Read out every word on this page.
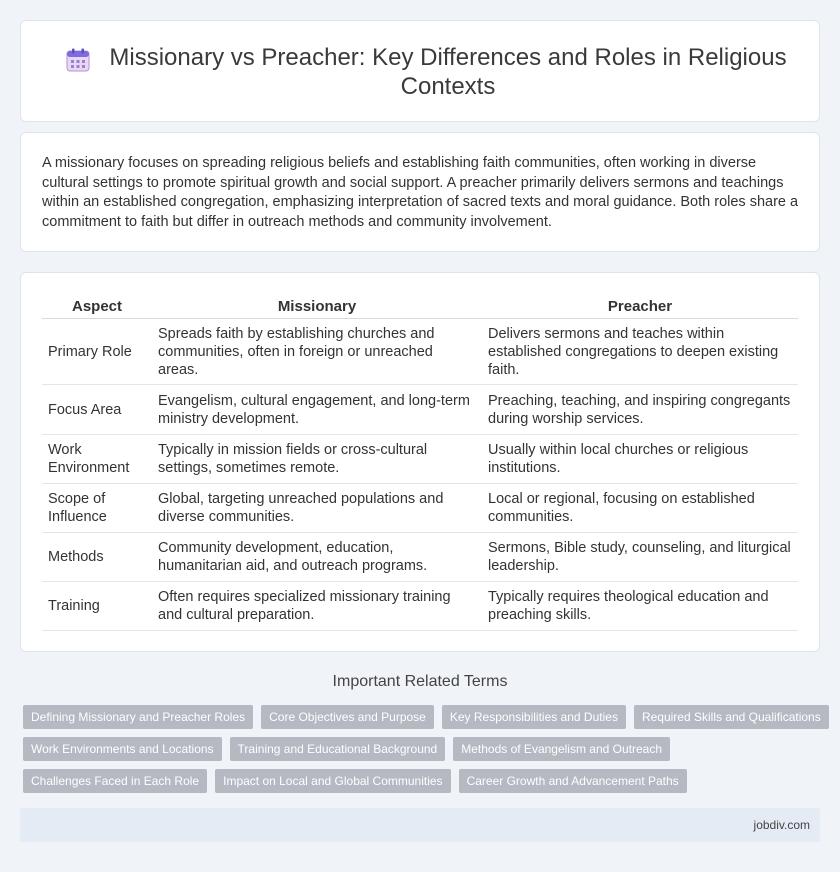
Missionary vs Preacher: Key Differences and Roles in Religious Contexts

A missionary focuses on spreading religious beliefs and establishing faith communities, often working in diverse cultural settings to promote spiritual growth and social support. A preacher primarily delivers sermons and teachings within an established congregation, emphasizing interpretation of sacred texts and moral guidance. Both roles share a commitment to faith but differ in outreach methods and community involvement.

Aspect	Missionary	Preacher
Primary Role	Spreads faith by establishing churches and communities, often in foreign or unreached areas.	Delivers sermons and teaches within established congregations to deepen existing faith.
Focus Area	Evangelism, cultural engagement, and long-term ministry development.	Preaching, teaching, and inspiring congregants during worship services.
Work Environment	Typically in mission fields or cross-cultural settings, sometimes remote.	Usually within local churches or religious institutions.
Scope of Influence	Global, targeting unreached populations and diverse communities.	Local or regional, focusing on established communities.
Methods	Community development, education, humanitarian aid, and outreach programs.	Sermons, Bible study, counseling, and liturgical leadership.
Training	Often requires specialized missionary training and cultural preparation.	Typically requires theological education and preaching skills.
Important Related Terms
Defining Missionary and Preacher Roles	Core Objectives and Purpose	Key Responsibilities and Duties	Required Skills and Qualifications
Work Environments and Locations	Training and Educational Background	Methods of Evangelism and Outreach
Challenges Faced in Each Role	Impact on Local and Global Communities	Career Growth and Advancement Paths
jobdiv.com
